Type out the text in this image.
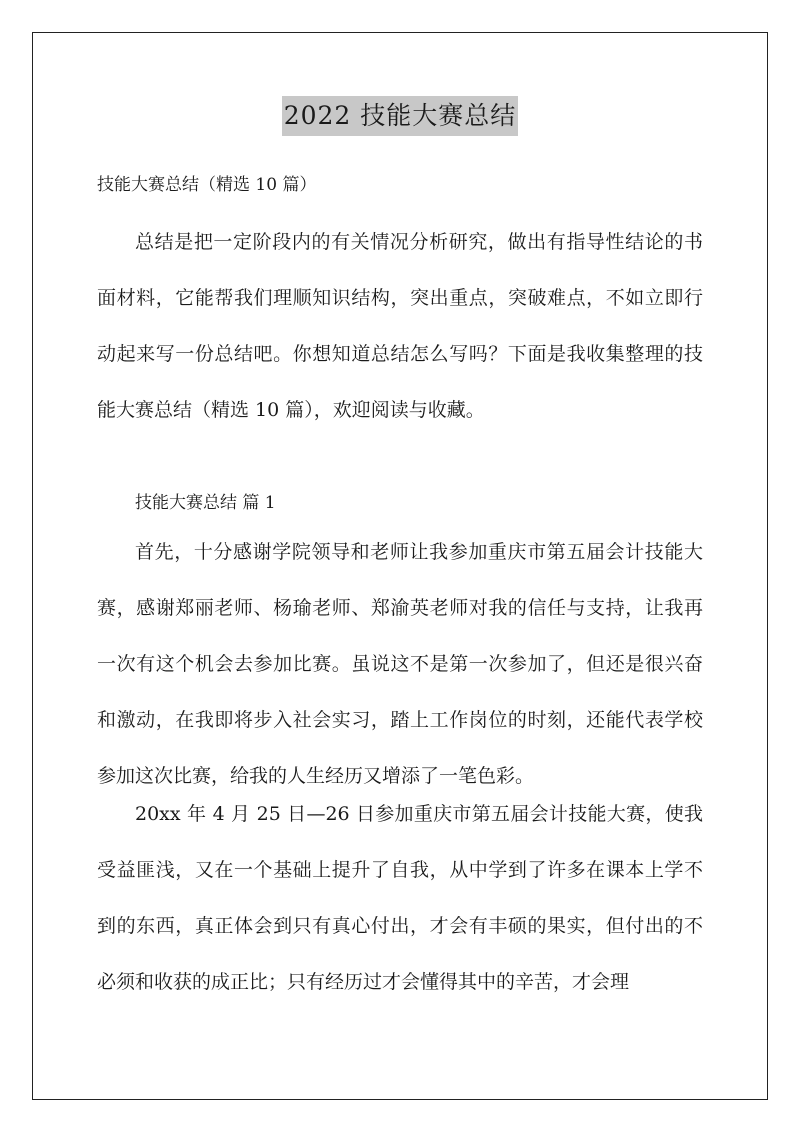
2022 技能大赛总结
技能大赛总结（精选 10 篇）

总结是把一定阶段内的有关情况分析研究，做出有指导性结论的书面材料，它能帮我们理顺知识结构，突出重点，突破难点，不如立即行动起来写一份总结吧。你想知道总结怎么写吗？下面是我收集整理的技能大赛总结（精选 10 篇），欢迎阅读与收藏。

技能大赛总结 篇 1

首先，十分感谢学院领导和老师让我参加重庆市第五届会计技能大赛，感谢郑丽老师、杨瑜老师、郑渝英老师对我的信任与支持，让我再一次有这个机会去参加比赛。虽说这不是第一次参加了，但还是很兴奋和激动，在我即将步入社会实习，踏上工作岗位的时刻，还能代表学校参加这次比赛，给我的人生经历又增添了一笔色彩。

20xx 年 4 月 25 日—26 日参加重庆市第五届会计技能大赛，使我受益匪浅，又在一个基础上提升了自我，从中学到了许多在课本上学不到的东西，真正体会到只有真心付出，才会有丰硕的果实，但付出的不必须和收获的成正比；只有经历过才会懂得其中的辛苦，才会理
